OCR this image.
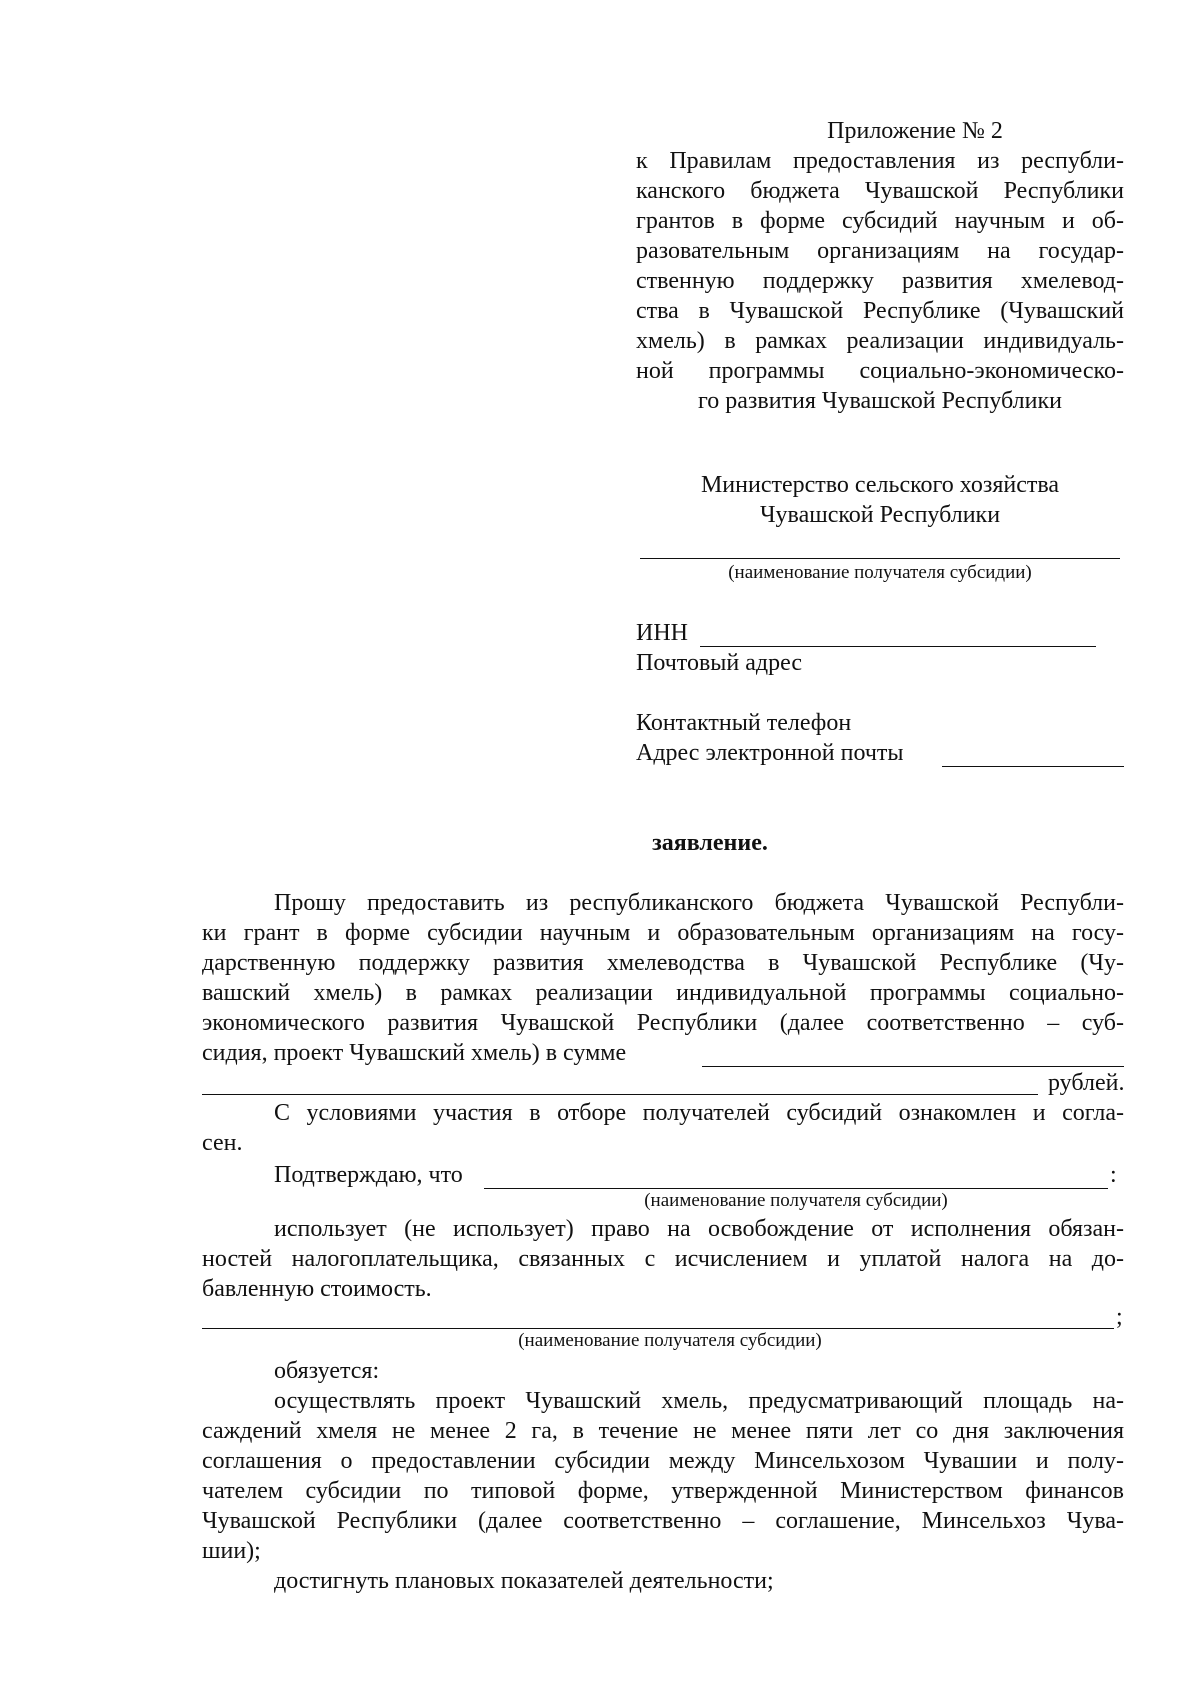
Приложение № 2
к Правилам предоставления из республи-
канского бюджета Чувашской Республики
грантов в форме субсидий научным и об-
разовательным организациям на государ-
ственную поддержку развития хмелевод-
ства в Чувашской Республике (Чувашский
хмель) в рамках реализации индивидуаль-
ной программы социально-экономическо-
го развития Чувашской Республики
Министерство сельского хозяйства
Чувашской Республики
(наименование получателя субсидии)
ИНН
Почтовый адрес
Контактный телефон
Адрес электронной почты
заявление.
Прошу предоставить из республиканского бюджета Чувашской Республи-
ки грант в форме субсидии научным и образовательным организациям на госу-
дарственную поддержку развития хмелеводства в Чувашской Республике (Чу-
вашский хмель) в рамках реализации индивидуальной программы социально-
экономического развития Чувашской Республики (далее соответственно – суб-
сидия, проект Чувашский хмель) в сумме
рублей.
С условиями участия в отборе получателей субсидий ознакомлен и согла-
сен.
Подтверждаю, что	:
(наименование получателя субсидии)
использует (не использует) право на освобождение от исполнения обязан-
ностей налогоплательщика, связанных с исчислением и уплатой налога на до-
бавленную стоимость.
;
(наименование получателя субсидии)
обязуется:
осуществлять проект Чувашский хмель, предусматривающий площадь на-
саждений хмеля не менее 2 га, в течение не менее пяти лет со дня заключения
соглашения о предоставлении субсидии между Минсельхозом Чувашии и полу-
чателем субсидии по типовой форме, утвержденной Министерством финансов
Чувашской Республики (далее соответственно – соглашение, Минсельхоз Чува-
шии);
достигнуть плановых показателей деятельности;
